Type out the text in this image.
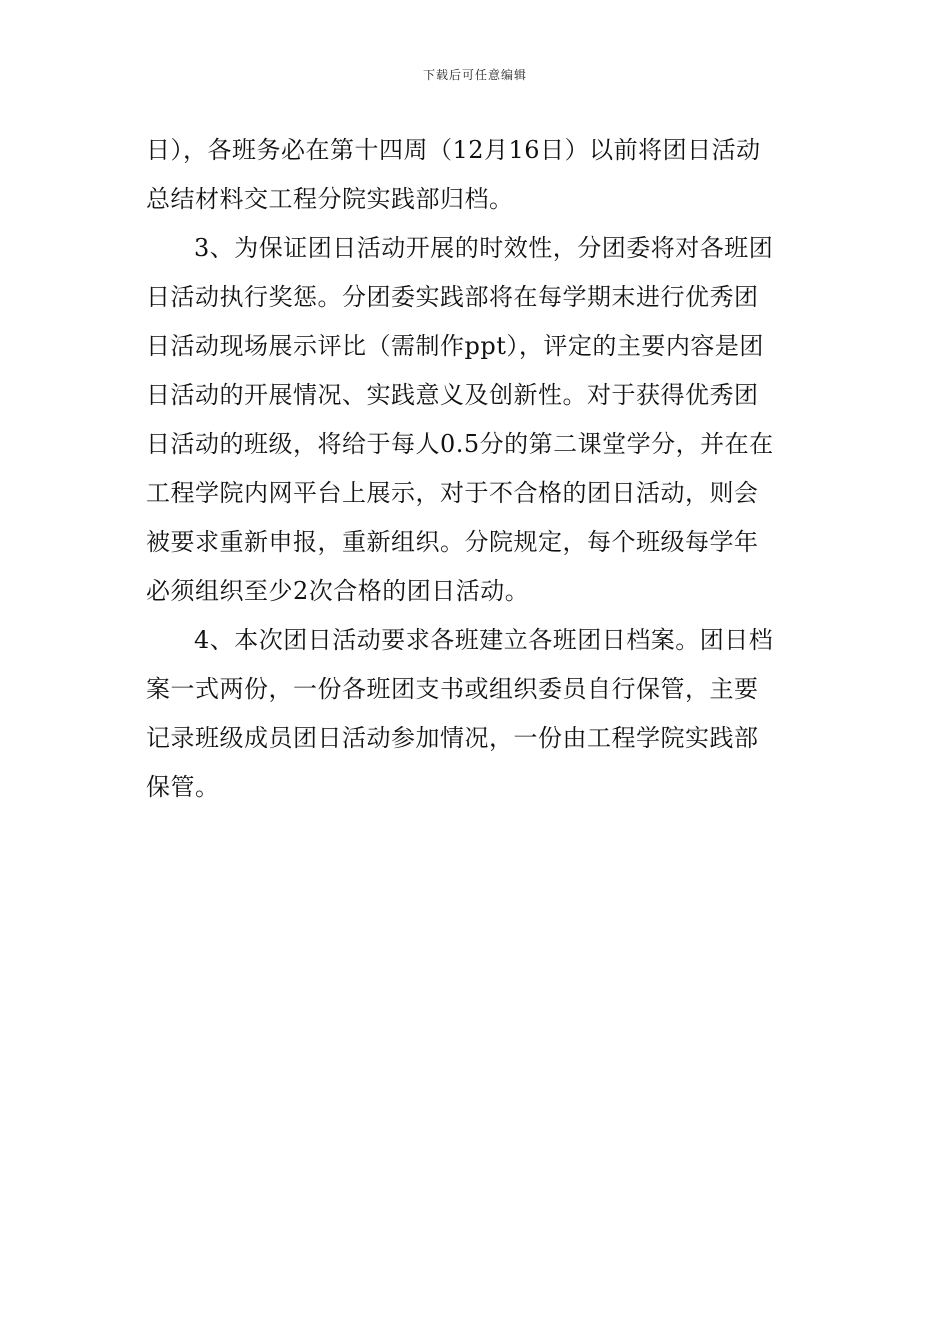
下载后可任意编辑
日），各班务必在第十四周（12月16日）以前将团日活动
总结材料交工程分院实践部归档。
3、为保证团日活动开展的时效性，分团委将对各班团
日活动执行奖惩。分团委实践部将在每学期末进行优秀团
日活动现场展示评比（需制作ppt），评定的主要内容是团
日活动的开展情况、实践意义及创新性。对于获得优秀团
日活动的班级，将给于每人0.5分的第二课堂学分，并在在
工程学院内网平台上展示，对于不合格的团日活动，则会
被要求重新申报，重新组织。分院规定，每个班级每学年
必须组织至少2次合格的团日活动。
4、本次团日活动要求各班建立各班团日档案。团日档
案一式两份，一份各班团支书或组织委员自行保管，主要
记录班级成员团日活动参加情况，一份由工程学院实践部
保管。
